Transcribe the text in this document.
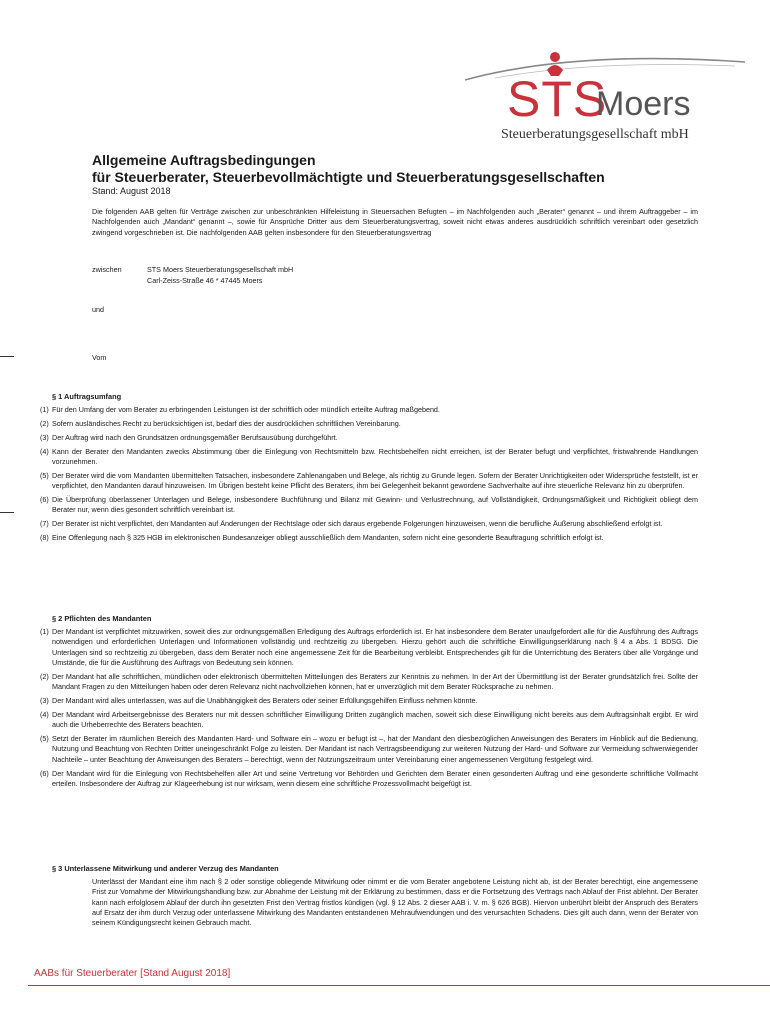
STS
Moers
Steuerberatungsgesellschaft mbH
Allgemeine Auftragsbedingungen
für Steuerberater, Steuerbevollmächtigte und Steuerberatungsgesellschaften
Stand: August 2018
Die folgenden AAB gelten für Verträge zwischen zur unbeschränkten Hilfeleistung in Steuersachen Befugten – im Nachfolgenden auch „Berater“ genannt – und ihrem Auftraggeber – im Nachfolgenden auch „Mandant“ genannt –, sowie für Ansprüche Dritter aus dem Steuerberatungsvertrag, soweit nicht etwas anderes ausdrücklich schriftlich vereinbart oder gesetzlich zwingend vorgeschrieben ist. Die nachfolgenden AAB gelten insbesondere für den Steuerberatungsvertrag
zwischen	STS Moers Steuerberatungsgesellschaft mbH
Carl-Zeiss-Straße 46 * 47445 Moers
und
Vom
§ 1 Auftragsumfang
(1) Für den Umfang der vom Berater zu erbringenden Leistungen ist der schriftlich oder mündlich erteilte Auftrag maßgebend.
(2) Sofern ausländisches Recht zu berücksichtigen ist, bedarf dies der ausdrücklichen schriftlichen Vereinbarung.
(3) Der Auftrag wird nach den Grundsätzen ordnungsgemäßer Berufsausübung durchgeführt.
(4) Kann der Berater den Mandanten zwecks Abstimmung über die Einlegung von Rechtsmitteln bzw. Rechtsbehelfen nicht erreichen, ist der Berater befugt und verpflichtet, fristwahrende Handlungen vorzunehmen.
(5) Der Berater wird die vom Mandanten übermittelten Tatsachen, insbesondere Zahlenangaben und Belege, als richtig zu Grunde legen. Sofern der Berater Unrichtigkeiten oder Widersprüche feststellt, ist er verpflichtet, den Mandanten darauf hinzuweisen. Im Übrigen besteht keine Pflicht des Beraters, ihm bei Gelegenheit bekannt gewordene Sachverhalte auf ihre steuerliche Relevanz hin zu überprüfen.
(6) Die Überprüfung überlassener Unterlagen und Belege, insbesondere Buchführung und Bilanz mit Gewinn- und Verlustrechnung, auf Vollständigkeit, Ordnungsmäßigkeit und Richtigkeit obliegt dem Berater nur, wenn dies gesondert schriftlich vereinbart ist.
(7) Der Berater ist nicht verpflichtet, den Mandanten auf Änderungen der Rechtslage oder sich daraus ergebende Folgerungen hinzuweisen, wenn die berufliche Äußerung abschließend erfolgt ist.
(8) Eine Offenlegung nach § 325 HGB im elektronischen Bundesanzeiger obliegt ausschließlich dem Mandanten, sofern nicht eine gesonderte Beauftragung schriftlich erfolgt ist.
§ 2 Pflichten des Mandanten
(1) Der Mandant ist verpflichtet mitzuwirken, soweit dies zur ordnungsgemäßen Erledigung des Auftrags erforderlich ist. Er hat insbesondere dem Berater unaufgefordert alle für die Ausführung des Auftrags notwendigen und erforderlichen Unterlagen und Informationen vollständig und rechtzeitig zu übergeben. Hierzu gehört auch die schriftliche Einwilligungserklärung nach § 4 a Abs. 1 BDSG. Die Unterlagen sind so rechtzeitig zu übergeben, dass dem Berater noch eine angemessene Zeit für die Bearbeitung verbleibt. Entsprechendes gilt für die Unterrichtung des Beraters über alle Vorgänge und Umstände, die für die Ausführung des Auftrags von Bedeutung sein können.
(2) Der Mandant hat alle schriftlichen, mündlichen oder elektronisch übermittelten Mitteilungen des Beraters zur Kenntnis zu nehmen. In der Art der Übermittlung ist der Berater grundsätzlich frei. Sollte der Mandant Fragen zu den Mitteilungen haben oder deren Relevanz nicht nachvollziehen können, hat er unverzüglich mit dem Berater Rücksprache zu nehmen.
(3) Der Mandant wird alles unterlassen, was auf die Unabhängigkeit des Beraters oder seiner Erfüllungsgehilfen Einfluss nehmen könnte.
(4) Der Mandant wird Arbeitsergebnisse des Beraters nur mit dessen schriftlicher Einwilligung Dritten zugänglich machen, soweit sich diese Einwilligung nicht bereits aus dem Auftragsinhalt ergibt. Er wird auch die Urheberrechte des Beraters beachten.
(5) Setzt der Berater im räumlichen Bereich des Mandanten Hard- und Software ein – wozu er befugt ist –, hat der Mandant den diesbezüglichen Anweisungen des Beraters im Hinblick auf die Bedienung, Nutzung und Beachtung von Rechten Dritter uneingeschränkt Folge zu leisten. Der Mandant ist nach Vertragsbeendigung zur weiteren Nutzung der Hard- und Software zur Vermeidung schwerwiegender Nachteile – unter Beachtung der Anweisungen des Beraters – berechtigt, wenn der Nutzungszeitraum unter Vereinbarung einer angemessenen Vergütung festgelegt wird.
(6) Der Mandant wird für die Einlegung von Rechtsbehelfen aller Art und seine Vertretung vor Behörden und Gerichten dem Berater einen gesonderten Auftrag und eine gesonderte schriftliche Vollmacht erteilen. Insbesondere der Auftrag zur Klageerhebung ist nur wirksam, wenn diesem eine schriftliche Prozessvollmacht beigefügt ist.
§ 3 Unterlassene Mitwirkung und anderer Verzug des Mandanten
Unterlässt der Mandant eine ihm nach § 2 oder sonstige obliegende Mitwirkung oder nimmt er die vom Berater angebotene Leistung nicht ab, ist der Berater berechtigt, eine angemessene Frist zur Vornahme der Mitwirkungshandlung bzw. zur Abnahme der Leistung mit der Erklärung zu bestimmen, dass er die Fortsetzung des Vertrags nach Ablauf der Frist ablehnt. Der Berater kann nach erfolglosem Ablauf der durch ihn gesetzten Frist den Vertrag fristlos kündigen (vgl. § 12 Abs. 2 dieser AAB i. V. m. § 626 BGB). Hiervon unberührt bleibt der Anspruch des Beraters auf Ersatz der ihm durch Verzug oder unterlassene Mitwirkung des Mandanten entstandenen Mehraufwendungen und des verursachten Schadens. Dies gilt auch dann, wenn der Berater von seinem Kündigungsrecht keinen Gebrauch macht.
AABs für Steuerberater [Stand August 2018]
